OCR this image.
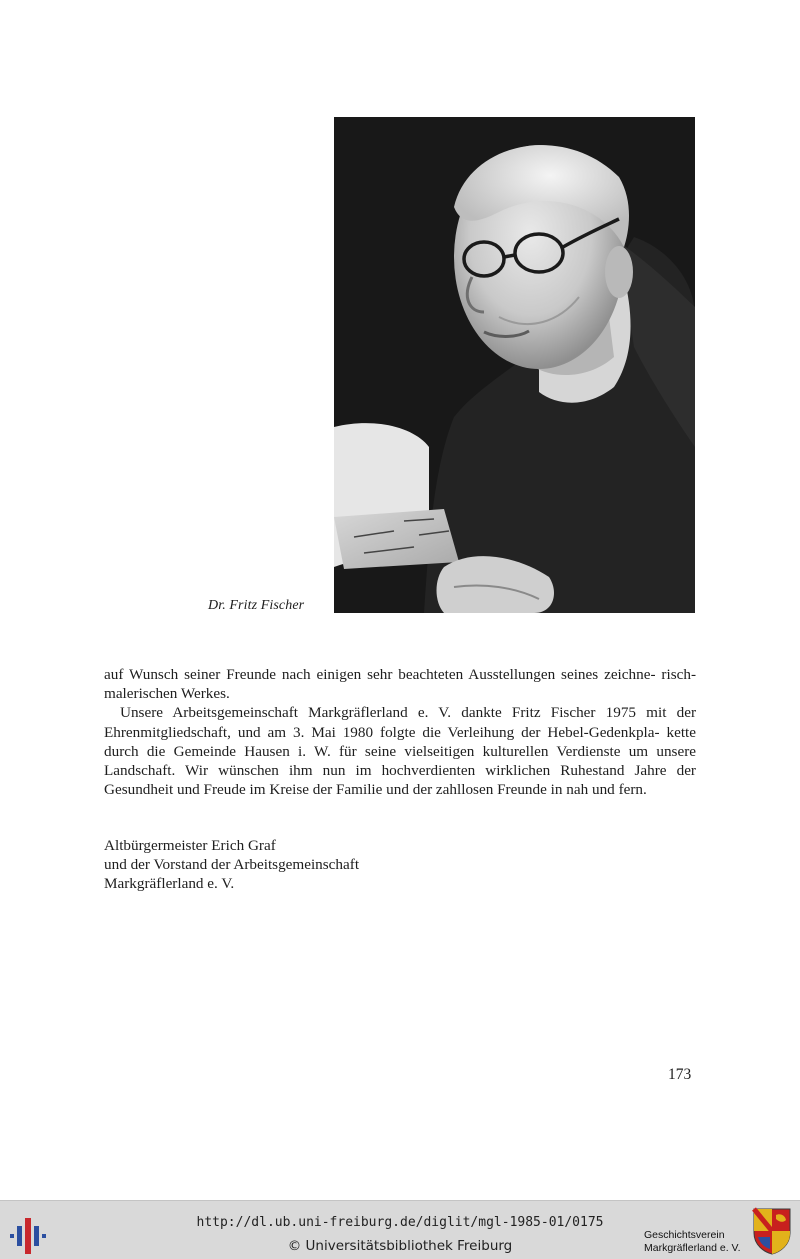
Dr. Fritz Fischer

auf Wunsch seiner Freunde nach einigen sehr beachteten Ausstellungen seines zeichne- risch-malerischen Werkes.

Unsere Arbeitsgemeinschaft Markgräflerland e. V. dankte Fritz Fischer 1975 mit der Ehrenmitgliedschaft, und am 3. Mai 1980 folgte die Verleihung der Hebel-Gedenkpla- kette durch die Gemeinde Hausen i. W. für seine vielseitigen kulturellen Verdienste um unsere Landschaft. Wir wünschen ihm nun im hochverdienten wirklichen Ruhestand Jahre der Gesundheit und Freude im Kreise der Familie und der zahllosen Freunde in nah und fern.

Altbürgermeister Erich Graf
und der Vorstand der Arbeitsgemeinschaft
Markgräflerland e. V.
173
http://dl.ub.uni-freiburg.de/diglit/mgl-1985-01/0175
© Universitätsbibliothek Freiburg
Geschichtsverein
Markgräflerland e. V.
